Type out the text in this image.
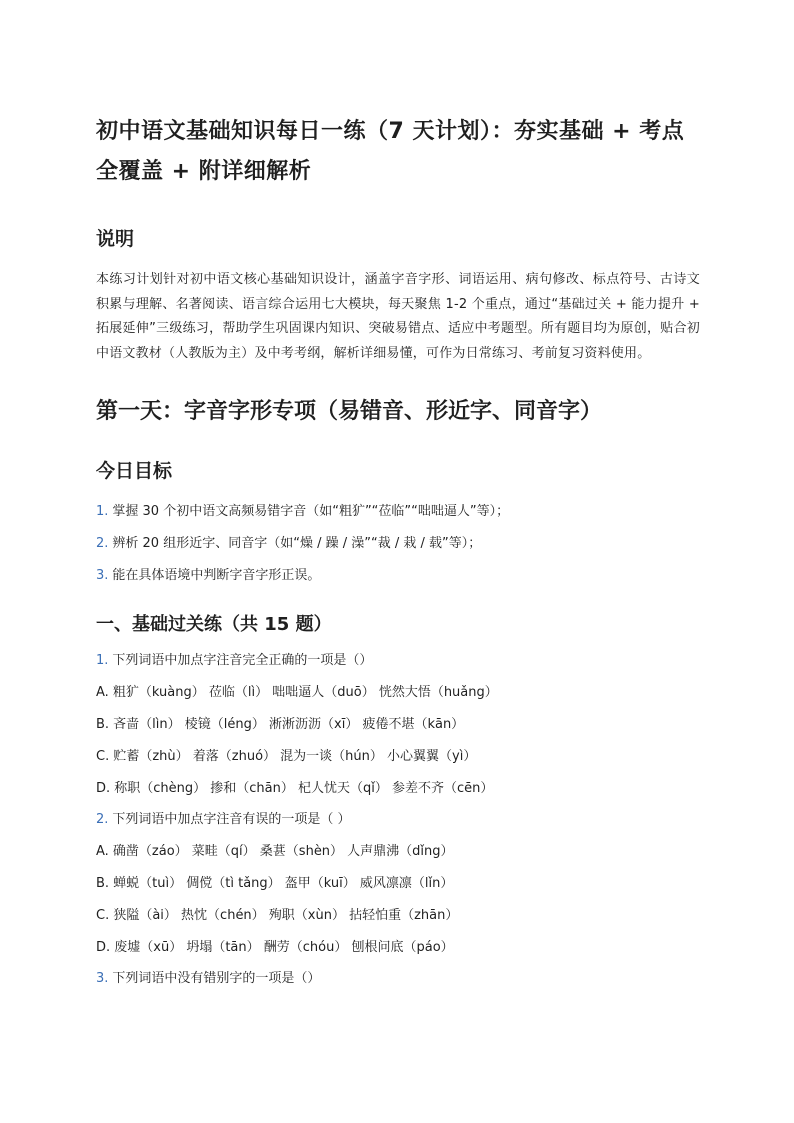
初中语文基础知识每日一练（7 天计划）：夯实基础 + 考点全覆盖 + 附详细解析
说明

本练习计划针对初中语文核心基础知识设计，涵盖字音字形、词语运用、病句修改、标点符号、古诗文积累与理解、名著阅读、语言综合运用七大模块，每天聚焦 1-2 个重点，通过“基础过关 + 能力提升 + 拓展延伸”三级练习，帮助学生巩固课内知识、突破易错点、适应中考题型。所有题目均为原创，贴合初中语文教材（人教版为主）及中考考纲，解析详细易懂，可作为日常练习、考前复习资料使用。

第一天：字音字形专项（易错音、形近字、同音字）
今日目标
1. 掌握 30 个初中语文高频易错字音（如“粗犷”“莅临”“咄咄逼人”等）；
2. 辨析 20 组形近字、同音字（如“燥 / 躁 / 澡”“裁 / 栽 / 载”等）；
3. 能在具体语境中判断字音字形正误。
一、基础过关练（共 15 题）
1. 下列词语中加点字注音完全正确的一项是（）
A. 粗犷（kuàng） 莅临（lì） 咄咄逼人（duō） 恍然大悟（huǎng）
B. 吝啬（lìn） 棱镜（léng） 淅淅沥沥（xī） 疲倦不堪（kān）
C. 贮蓄（zhù） 着落（zhuó） 混为一谈（hún） 小心翼翼（yì）
D. 称职（chèng） 掺和（chān） 杞人忧天（qǐ） 参差不齐（cēn）
2. 下列词语中加点字注音有误的一项是（ ）
A. 确凿（záo） 菜畦（qí） 桑葚（shèn） 人声鼎沸（dǐng）
B. 蝉蜕（tuì） 倜傥（tì tǎng） 盔甲（kuī） 威风凛凛（lǐn）
C. 狭隘（ài） 热忱（chén） 殉职（xùn） 拈轻怕重（zhān）
D. 废墟（xū） 坍塌（tān） 酬劳（chóu） 刨根问底（páo）
3. 下列词语中没有错别字的一项是（）
